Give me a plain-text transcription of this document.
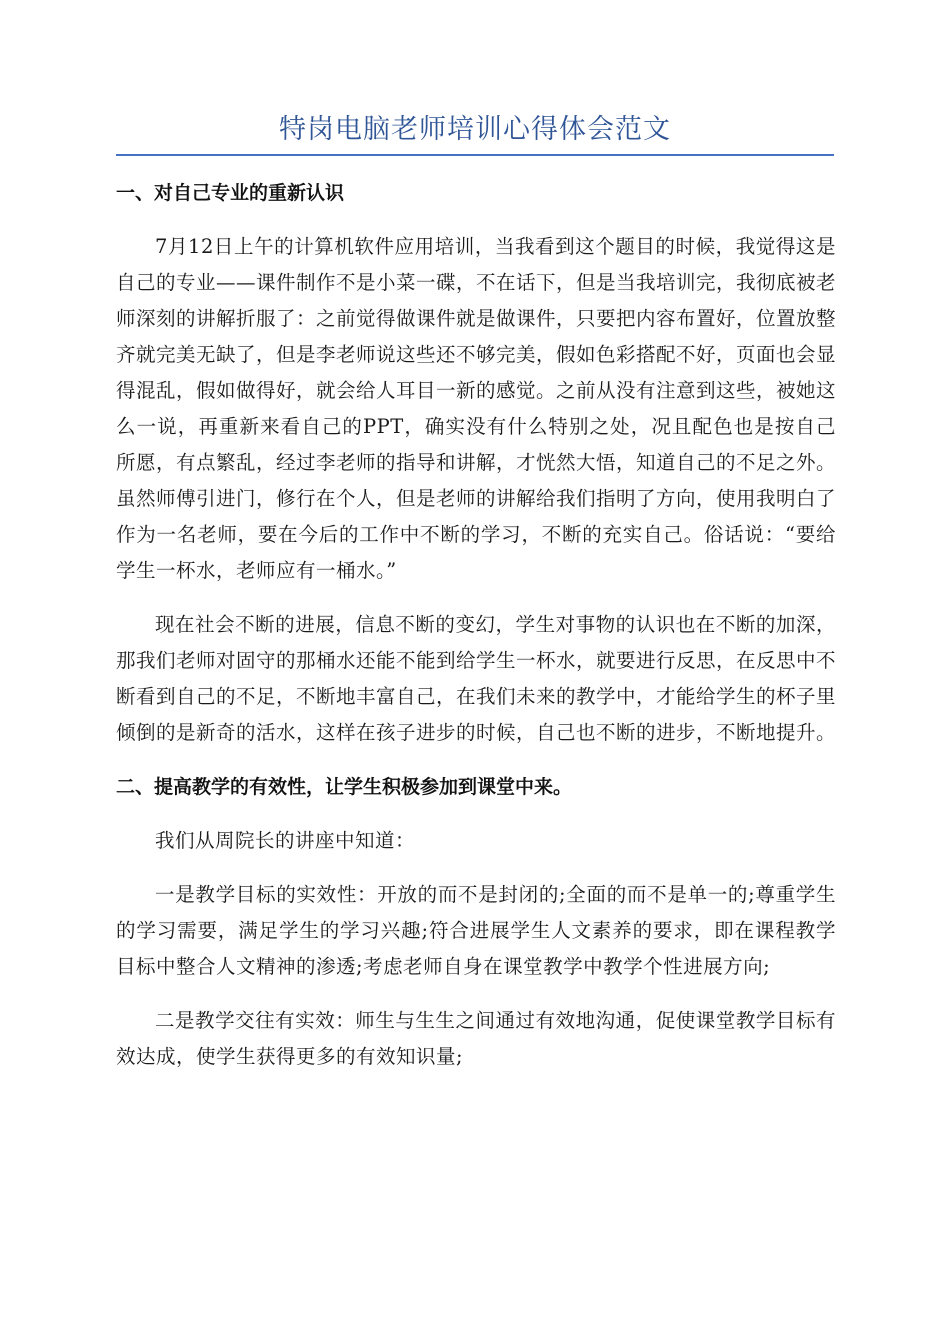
特岗电脑老师培训心得体会范文
一、对自己专业的重新认识

7月12日上午的计算机软件应用培训，当我看到这个题目的时候，我觉得这是自己的专业——课件制作不是小菜一碟，不在话下，但是当我培训完，我彻底被老师深刻的讲解折服了：之前觉得做课件就是做课件，只要把内容布置好，位置放整齐就完美无缺了，但是李老师说这些还不够完美，假如色彩搭配不好，页面也会显得混乱，假如做得好，就会给人耳目一新的感觉。之前从没有注意到这些，被她这么一说，再重新来看自己的PPT，确实没有什么特别之处，况且配色也是按自己所愿，有点繁乱，经过李老师的指导和讲解，才恍然大悟，知道自己的不足之外。虽然师傅引进门，修行在个人，但是老师的讲解给我们指明了方向，使用我明白了作为一名老师，要在今后的工作中不断的学习，不断的充实自己。俗话说：“要给学生一杯水，老师应有一桶水。”

现在社会不断的进展，信息不断的变幻，学生对事物的认识也在不断的加深，那我们老师对固守的那桶水还能不能到给学生一杯水，就要进行反思，在反思中不断看到自己的不足，不断地丰富自己，在我们未来的教学中，才能给学生的杯子里倾倒的是新奇的活水，这样在孩子进步的时候，自己也不断的进步，不断地提升。

二、提高教学的有效性，让学生积极参加到课堂中来。

我们从周院长的讲座中知道：

一是教学目标的实效性：开放的而不是封闭的;全面的而不是单一的;尊重学生的学习需要，满足学生的学习兴趣;符合进展学生人文素养的要求，即在课程教学目标中整合人文精神的渗透;考虑老师自身在课堂教学中教学个性进展方向;

二是教学交往有实效：师生与生生之间通过有效地沟通，促使课堂教学目标有效达成，使学生获得更多的有效知识量;
